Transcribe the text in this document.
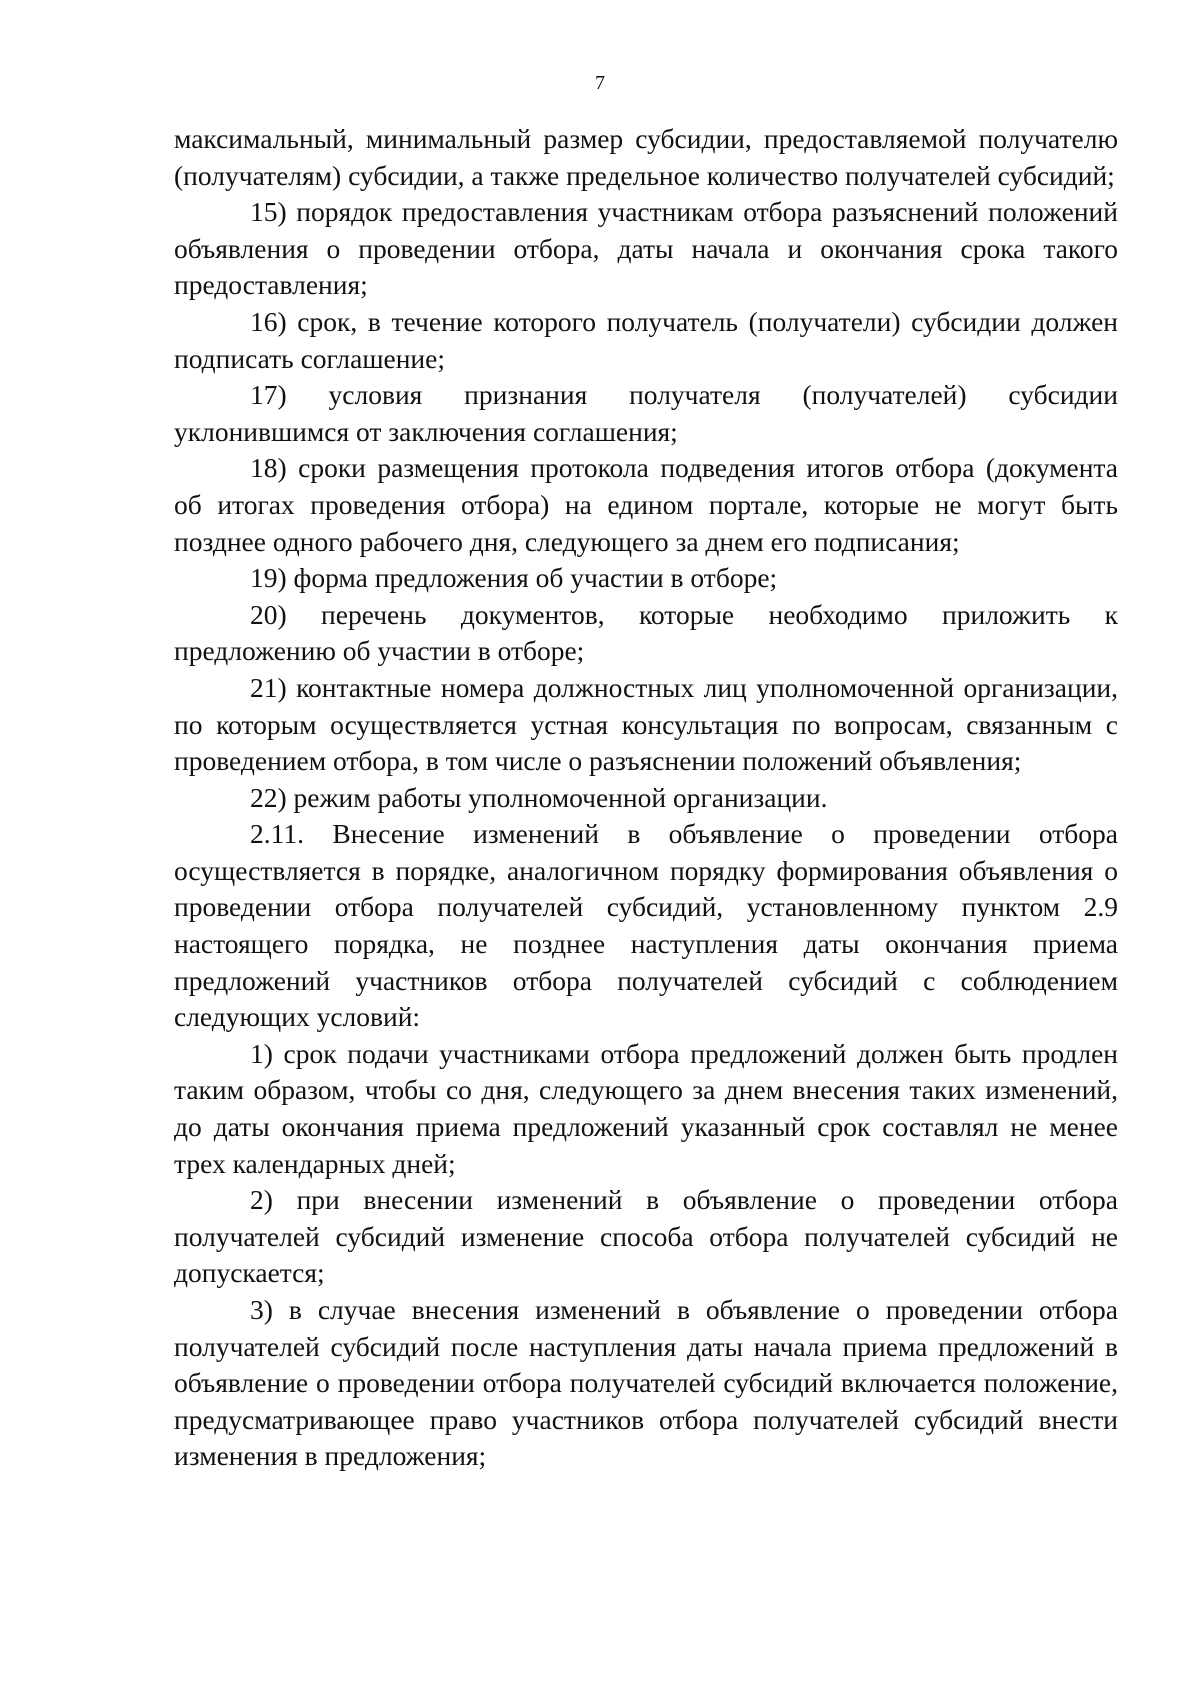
7

максимальный, минимальный размер субсидии, предоставляемой получателю (получателям) субсидии, а также предельное количество получателей субсидий;

15) порядок предоставления участникам отбора разъяснений положений объявления о проведении отбора, даты начала и окончания срока такого предоставления;

16) срок, в течение которого получатель (получатели) субсидии должен подписать соглашение;

17) условия признания получателя (получателей) субсидии уклонившимся от заключения соглашения;

18) сроки размещения протокола подведения итогов отбора (документа об итогах проведения отбора) на едином портале, которые не могут быть позднее одного рабочего дня, следующего за днем его подписания;

19) форма предложения об участии в отборе;

20) перечень документов, которые необходимо приложить к предложению об участии в отборе;

21) контактные номера должностных лиц уполномоченной организации, по которым осуществляется устная консультация по вопросам, связанным с проведением отбора, в том числе о разъяснении положений объявления;

22) режим работы уполномоченной организации.

2.11. Внесение изменений в объявление о проведении отбора осуществляется в порядке, аналогичном порядку формирования объявления о проведении отбора получателей субсидий, установленному пунктом 2.9 настоящего порядка, не позднее наступления даты окончания приема предложений участников отбора получателей субсидий с соблюдением следующих условий:

1) срок подачи участниками отбора предложений должен быть продлен таким образом, чтобы со дня, следующего за днем внесения таких изменений, до даты окончания приема предложений указанный срок составлял не менее трех календарных дней;

2) при внесении изменений в объявление о проведении отбора получателей субсидий изменение способа отбора получателей субсидий не допускается;

3) в случае внесения изменений в объявление о проведении отбора получателей субсидий после наступления даты начала приема предложений в объявление о проведении отбора получателей субсидий включается положение, предусматривающее право участников отбора получателей субсидий внести изменения в предложения;
